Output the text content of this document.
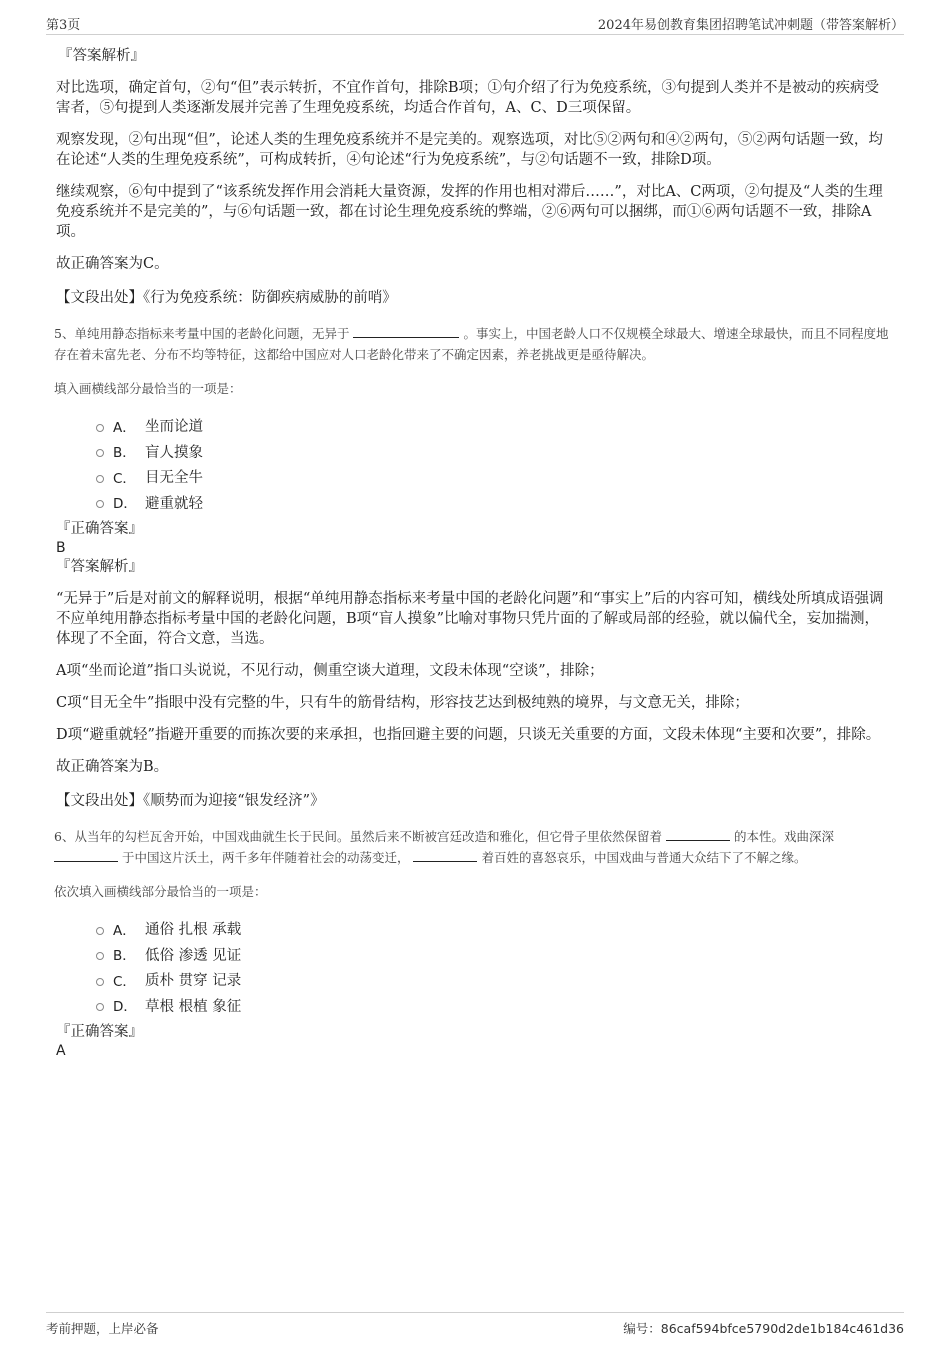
第3页	2024年易创教育集团招聘笔试冲刺题（带答案解析）
『答案解析』

对比选项，确定首句，②句“但”表示转折，不宜作首句，排除B项；①句介绍了行为免疫系统，③句提到人类并不是被动的疾病受害者，⑤句提到人类逐渐发展并完善了生理免疫系统，均适合作首句，A、C、D三项保留。

观察发现，②句出现“但”，论述人类的生理免疫系统并不是完美的。观察选项，对比⑤②两句和④②两句，⑤②两句话题一致，均在论述“人类的生理免疫系统”，可构成转折，④句论述“行为免疫系统”，与②句话题不一致，排除D项。

继续观察，⑥句中提到了“该系统发挥作用会消耗大量资源，发挥的作用也相对滞后……”，对比A、C两项，②句提及“人类的生理免疫系统并不是完美的”，与⑥句话题一致，都在讨论生理免疫系统的弊端，②⑥两句可以捆绑，而①⑥两句话题不一致，排除A项。

故正确答案为C。

【文段出处】《行为免疫系统：防御疾病威胁的前哨》

5、单纯用静态指标来考量中国的老龄化问题，无异于	。事实上，中国老龄人口不仅规模全球最大、增速全球最快，而且不同程度地存在着未富先老、分布不均等特征，这都给中国应对人口老龄化带来了不确定因素，养老挑战更是亟待解决。

填入画横线部分最恰当的一项是：

A． 坐而论道
B． 盲人摸象
C． 目无全牛
D． 避重就轻
『正确答案』

B

『答案解析』

“无异于”后是对前文的解释说明，根据“单纯用静态指标来考量中国的老龄化问题”和“事实上”后的内容可知，横线处所填成语强调不应单纯用静态指标考量中国的老龄化问题，B项“盲人摸象”比喻对事物只凭片面的了解或局部的经验，就以偏代全，妄加揣测，体现了不全面，符合文意，当选。

A项“坐而论道”指口头说说，不见行动，侧重空谈大道理，文段未体现“空谈”，排除；

C项“目无全牛”指眼中没有完整的牛，只有牛的筋骨结构，形容技艺达到极纯熟的境界，与文意无关，排除；

D项“避重就轻”指避开重要的而拣次要的来承担，也指回避主要的问题，只谈无关重要的方面，文段未体现“主要和次要”，排除。

故正确答案为B。

【文段出处】《顺势而为迎接“银发经济”》

6、从当年的勾栏瓦舍开始，中国戏曲就生长于民间。虽然后来不断被宫廷改造和雅化，但它骨子里依然保留着	的本性。戏曲深深  于中国这片沃土，两千多年伴随着社会的动荡变迁，	着百姓的喜怒哀乐，中国戏曲与普通大众结下了不解之缘。

依次填入画横线部分最恰当的一项是：

A． 通俗 扎根 承载
B． 低俗 渗透 见证
C． 质朴 贯穿 记录
D． 草根 根植 象征
『正确答案』

A

考前押题，上岸必备	编号：86caf594bfce5790d2de1b184c461d36
